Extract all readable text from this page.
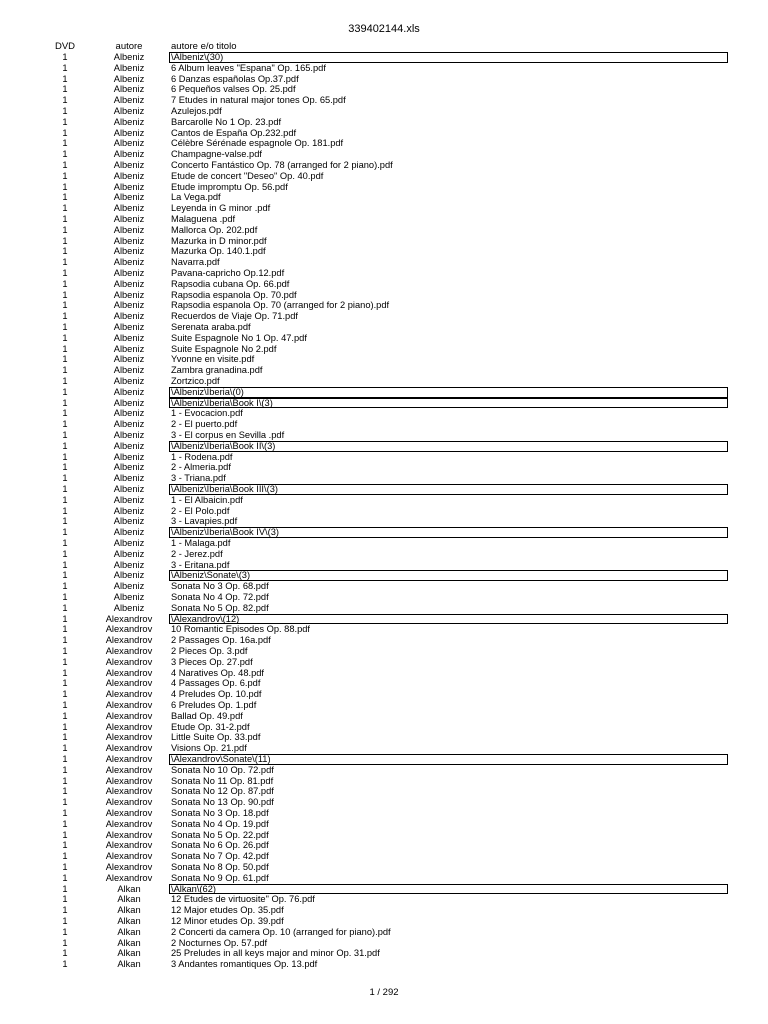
339402144.xls
DVD	autore	autore e/o titolo
1	Albeniz	\Albeniz\(30)
1	Albeniz	6 Album leaves "Espana" Op. 165.pdf
1	Albeniz	6 Danzas españolas Op.37.pdf
1	Albeniz	6 Pequeños valses Op. 25.pdf
1	Albeniz	7 Etudes in natural major tones Op. 65.pdf
1	Albeniz	Azulejos.pdf
1	Albeniz	Barcarolle No 1 Op. 23.pdf
1	Albeniz	Cantos de España Op.232.pdf
1	Albeniz	Célèbre Sérénade espagnole Op. 181.pdf
1	Albeniz	Champagne-valse.pdf
1	Albeniz	Concerto Fantástico Op. 78 (arranged for 2 piano).pdf
1	Albeniz	Etude de concert "Deseo" Op. 40.pdf
1	Albeniz	Etude impromptu Op. 56.pdf
1	Albeniz	La Vega.pdf
1	Albeniz	Leyenda in G minor .pdf
1	Albeniz	Malaguena .pdf
1	Albeniz	Mallorca Op. 202.pdf
1	Albeniz	Mazurka in D minor.pdf
1	Albeniz	Mazurka Op. 140.1.pdf
1	Albeniz	Navarra.pdf
1	Albeniz	Pavana-capricho Op.12.pdf
1	Albeniz	Rapsodia cubana Op. 66.pdf
1	Albeniz	Rapsodia espanola Op. 70.pdf
1	Albeniz	Rapsodia espanola Op. 70 (arranged for 2 piano).pdf
1	Albeniz	Recuerdos de Viaje Op. 71.pdf
1	Albeniz	Serenata araba.pdf
1	Albeniz	Suite Espagnole No 1 Op. 47.pdf
1	Albeniz	Suite Espagnole No 2.pdf
1	Albeniz	Yvonne en visite.pdf
1	Albeniz	Zambra granadina.pdf
1	Albeniz	Zortzico.pdf
1	Albeniz	\Albeniz\Iberia\(0)
1	Albeniz	\Albeniz\Iberia\Book I\(3)
1	Albeniz	1 - Evocacion.pdf
1	Albeniz	2 - El puerto.pdf
1	Albeniz	3 - El corpus en Sevilla .pdf
1	Albeniz	\Albeniz\Iberia\Book II\(3)
1	Albeniz	1 - Rodena.pdf
1	Albeniz	2 - Almeria.pdf
1	Albeniz	3 - Triana.pdf
1	Albeniz	\Albeniz\Iberia\Book III\(3)
1	Albeniz	1 - El Albaicin.pdf
1	Albeniz	2 - El Polo.pdf
1	Albeniz	3 - Lavapies.pdf
1	Albeniz	\Albeniz\Iberia\Book IV\(3)
1	Albeniz	1 - Malaga.pdf
1	Albeniz	2 - Jerez.pdf
1	Albeniz	3 - Eritana.pdf
1	Albeniz	\Albeniz\Sonate\(3)
1	Albeniz	Sonata No 3 Op. 68.pdf
1	Albeniz	Sonata No 4 Op. 72.pdf
1	Albeniz	Sonata No 5 Op. 82.pdf
1	Alexandrov	\Alexandrov\(12)
1	Alexandrov	10 Romantic Episodes Op. 88.pdf
1	Alexandrov	2 Passages Op. 16a.pdf
1	Alexandrov	2 Pieces Op. 3.pdf
1	Alexandrov	3 Pieces Op. 27.pdf
1	Alexandrov	4 Naratives Op. 48.pdf
1	Alexandrov	4 Passages Op. 6.pdf
1	Alexandrov	4 Preludes Op. 10.pdf
1	Alexandrov	6 Preludes Op. 1.pdf
1	Alexandrov	Ballad Op. 49.pdf
1	Alexandrov	Etude Op. 31-2.pdf
1	Alexandrov	Little Suite Op. 33.pdf
1	Alexandrov	Visions Op. 21.pdf
1	Alexandrov	\Alexandrov\Sonate\(11)
1	Alexandrov	Sonata No 10 Op. 72.pdf
1	Alexandrov	Sonata No 11 Op. 81.pdf
1	Alexandrov	Sonata No 12 Op. 87.pdf
1	Alexandrov	Sonata No 13 Op. 90.pdf
1	Alexandrov	Sonata No 3 Op. 18.pdf
1	Alexandrov	Sonata No 4 Op. 19.pdf
1	Alexandrov	Sonata No 5 Op. 22.pdf
1	Alexandrov	Sonata No 6 Op. 26.pdf
1	Alexandrov	Sonata No 7 Op. 42.pdf
1	Alexandrov	Sonata No 8 Op. 50.pdf
1	Alexandrov	Sonata No 9 Op. 61.pdf
1	Alkan	\Alkan\(62)
1	Alkan	12 Etudes de virtuosite" Op. 76.pdf
1	Alkan	12 Major etudes Op. 35.pdf
1	Alkan	12 Minor etudes Op. 39.pdf
1	Alkan	2 Concerti da camera Op. 10 (arranged for piano).pdf
1	Alkan	2 Nocturnes Op. 57.pdf
1	Alkan	25 Preludes in all keys major and minor Op. 31.pdf
1	Alkan	3 Andantes romantiques Op. 13.pdf
1 / 292
